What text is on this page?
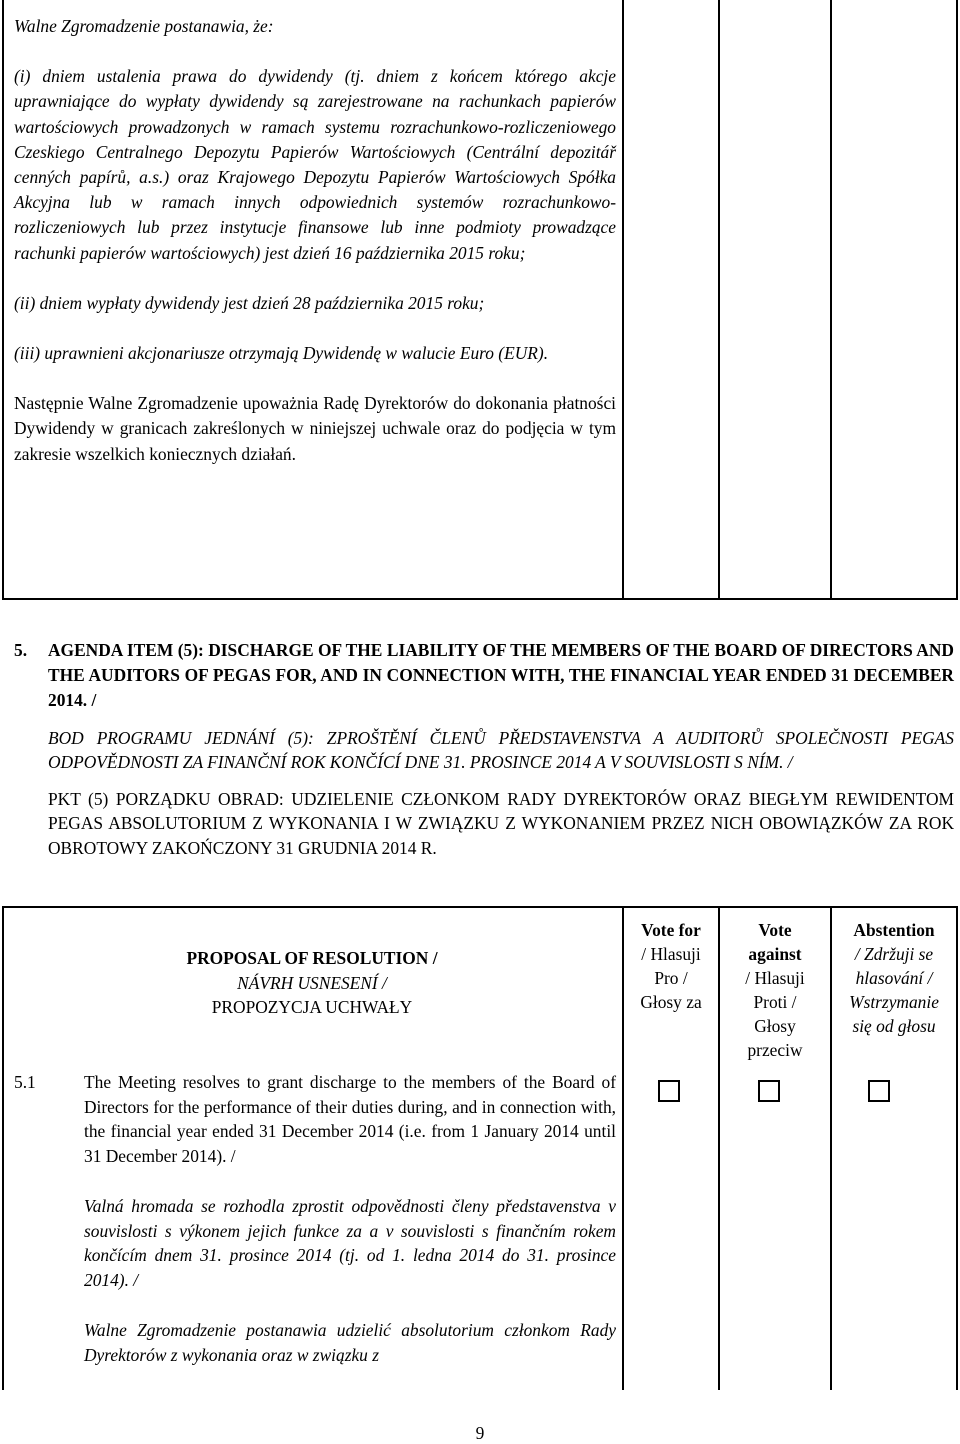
Walne Zgromadzenie postanawia, że:

(i) dniem ustalenia prawa do dywidendy (tj. dniem z końcem którego akcje uprawniające do wypłaty dywidendy są zarejestrowane na rachunkach papierów wartościowych prowadzonych w ramach systemu rozrachunkowo-rozliczeniowego Czeskiego Centralnego Depozytu Papierów Wartościowych (Centrální depozitář cenných papírů, a.s.) oraz Krajowego Depozytu Papierów Wartościowych Spółka Akcyjna lub w ramach innych odpowiednich systemów rozrachunkowo-rozliczeniowych lub przez instytucje finansowe lub inne podmioty prowadzące rachunki papierów wartościowych) jest dzień 16 października 2015 roku;

(ii) dniem wypłaty dywidendy jest dzień 28 października 2015 roku;

(iii) uprawnieni akcjonariusze otrzymają Dywidendę w walucie Euro (EUR).

Następnie Walne Zgromadzenie upoważnia Radę Dyrektorów do dokonania płatności Dywidendy w granicach zakreślonych w niniejszej uchwale oraz do podjęcia w tym zakresie wszelkich koniecznych działań.

5.	AGENDA ITEM (5): DISCHARGE OF THE LIABILITY OF THE MEMBERS OF THE BOARD OF DIRECTORS AND THE AUDITORS OF PEGAS FOR, AND IN CONNECTION WITH, THE FINANCIAL YEAR ENDED 31 DECEMBER 2014. /

BOD PROGRAMU JEDNÁNÍ (5): ZPROŠTĚNÍ ČLENŮ PŘEDSTAVENSTVA A AUDITORŮ SPOLEČNOSTI PEGAS ODPOVĚDNOSTI ZA FINANČNÍ ROK KONČÍCÍ DNE 31. PROSINCE 2014 A V SOUVISLOSTI S NÍM. /

PKT (5) PORZĄDKU OBRAD: UDZIELENIE CZŁONKOM RADY DYREKTORÓW ORAZ BIEGŁYM REWIDENTOM PEGAS ABSOLUTORIUM Z WYKONANIA I W ZWIĄZKU Z WYKONANIEM PRZEZ NICH OBOWIĄZKÓW ZA ROK OBROTOWY ZAKOŃCZONY 31 GRUDNIA 2014 R.

PROPOSAL OF RESOLUTION /
NÁVRH USNESENÍ /
PROPOZYCJA UCHWAŁY
Vote for
/ Hlasuji Pro / Głosy za
Vote against
/ Hlasuji Proti / Głosy przeciw
Abstention
/ Zdržuji se hlasování / Wstrzymanie się od głosu
5.1	The Meeting resolves to grant discharge to the members of the Board of Directors for the performance of their duties during, and in connection with, the financial year ended 31 December 2014 (i.e. from 1 January 2014 until 31 December 2014). /

Valná hromada se rozhodla zprostit odpovědnosti členy představenstva v souvislosti s výkonem jejich funkce za a v souvislosti s finančním rokem končícím dnem 31. prosince 2014 (tj. od 1. ledna 2014 do 31. prosince 2014). /

Walne Zgromadzenie postanawia udzielić absolutorium członkom Rady Dyrektorów z wykonania oraz w związku z

9
